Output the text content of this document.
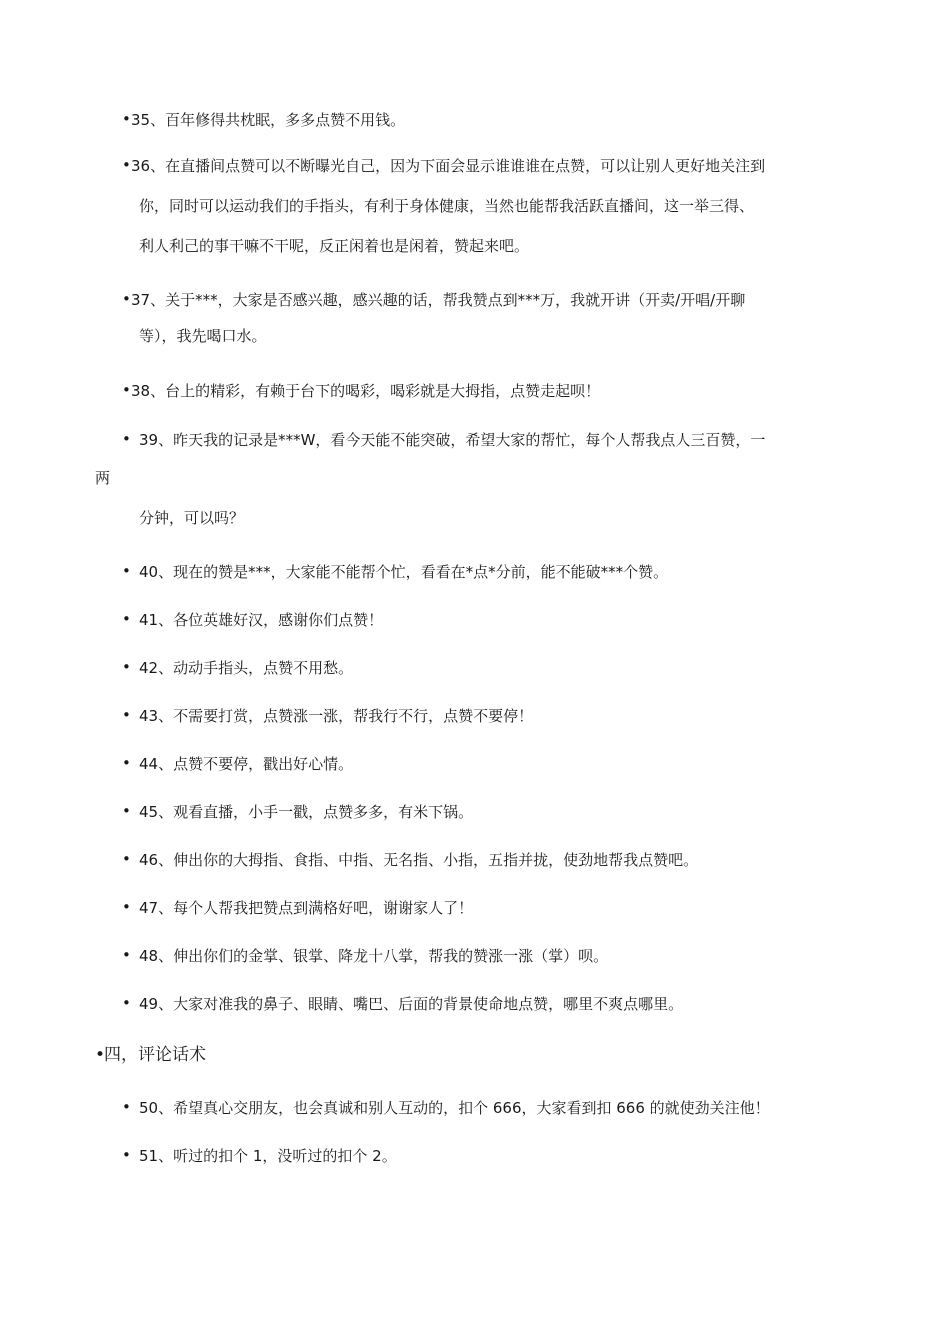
• 35、百年修得共枕眠，多多点赞不用钱。
• 36、在直播间点赞可以不断曝光自己，因为下面会显示谁谁谁在点赞，可以让别人更好地关注到
你，同时可以运动我们的手指头，有利于身体健康，当然也能帮我活跃直播间，这一举三得、
利人利己的事干嘛不干呢，反正闲着也是闲着，赞起来吧。
• 37、关于***，大家是否感兴趣，感兴趣的话，帮我赞点到***万，我就开讲（开卖/开唱/开聊
等），我先喝口水。
• 38、台上的精彩，有赖于台下的喝彩，喝彩就是大拇指，点赞走起呗！
• 39、昨天我的记录是***W，看今天能不能突破，希望大家的帮忙，每个人帮我点人三百赞，一
两
分钟，可以吗？
• 40、现在的赞是***，大家能不能帮个忙，看看在*点*分前，能不能破***个赞。
• 41、各位英雄好汉，感谢你们点赞！
• 42、动动手指头，点赞不用愁。
• 43、不需要打赏，点赞涨一涨，帮我行不行，点赞不要停！
• 44、点赞不要停，戳出好心情。
• 45、观看直播，小手一戳，点赞多多，有米下锅。
• 46、伸出你的大拇指、食指、中指、无名指、小指，五指并拢，使劲地帮我点赞吧。
• 47、每个人帮我把赞点到满格好吧，谢谢家人了！
• 48、伸出你们的金掌、银掌、降龙十八掌，帮我的赞涨一涨（掌）呗。
• 49、大家对准我的鼻子、眼睛、嘴巴、后面的背景使命地点赞，哪里不爽点哪里。
•
四，评论话术
• 50、希望真心交朋友，也会真诚和别人互动的，扣个 666，大家看到扣 666 的就使劲关注他！
• 51、听过的扣个 1，没听过的扣个 2。
